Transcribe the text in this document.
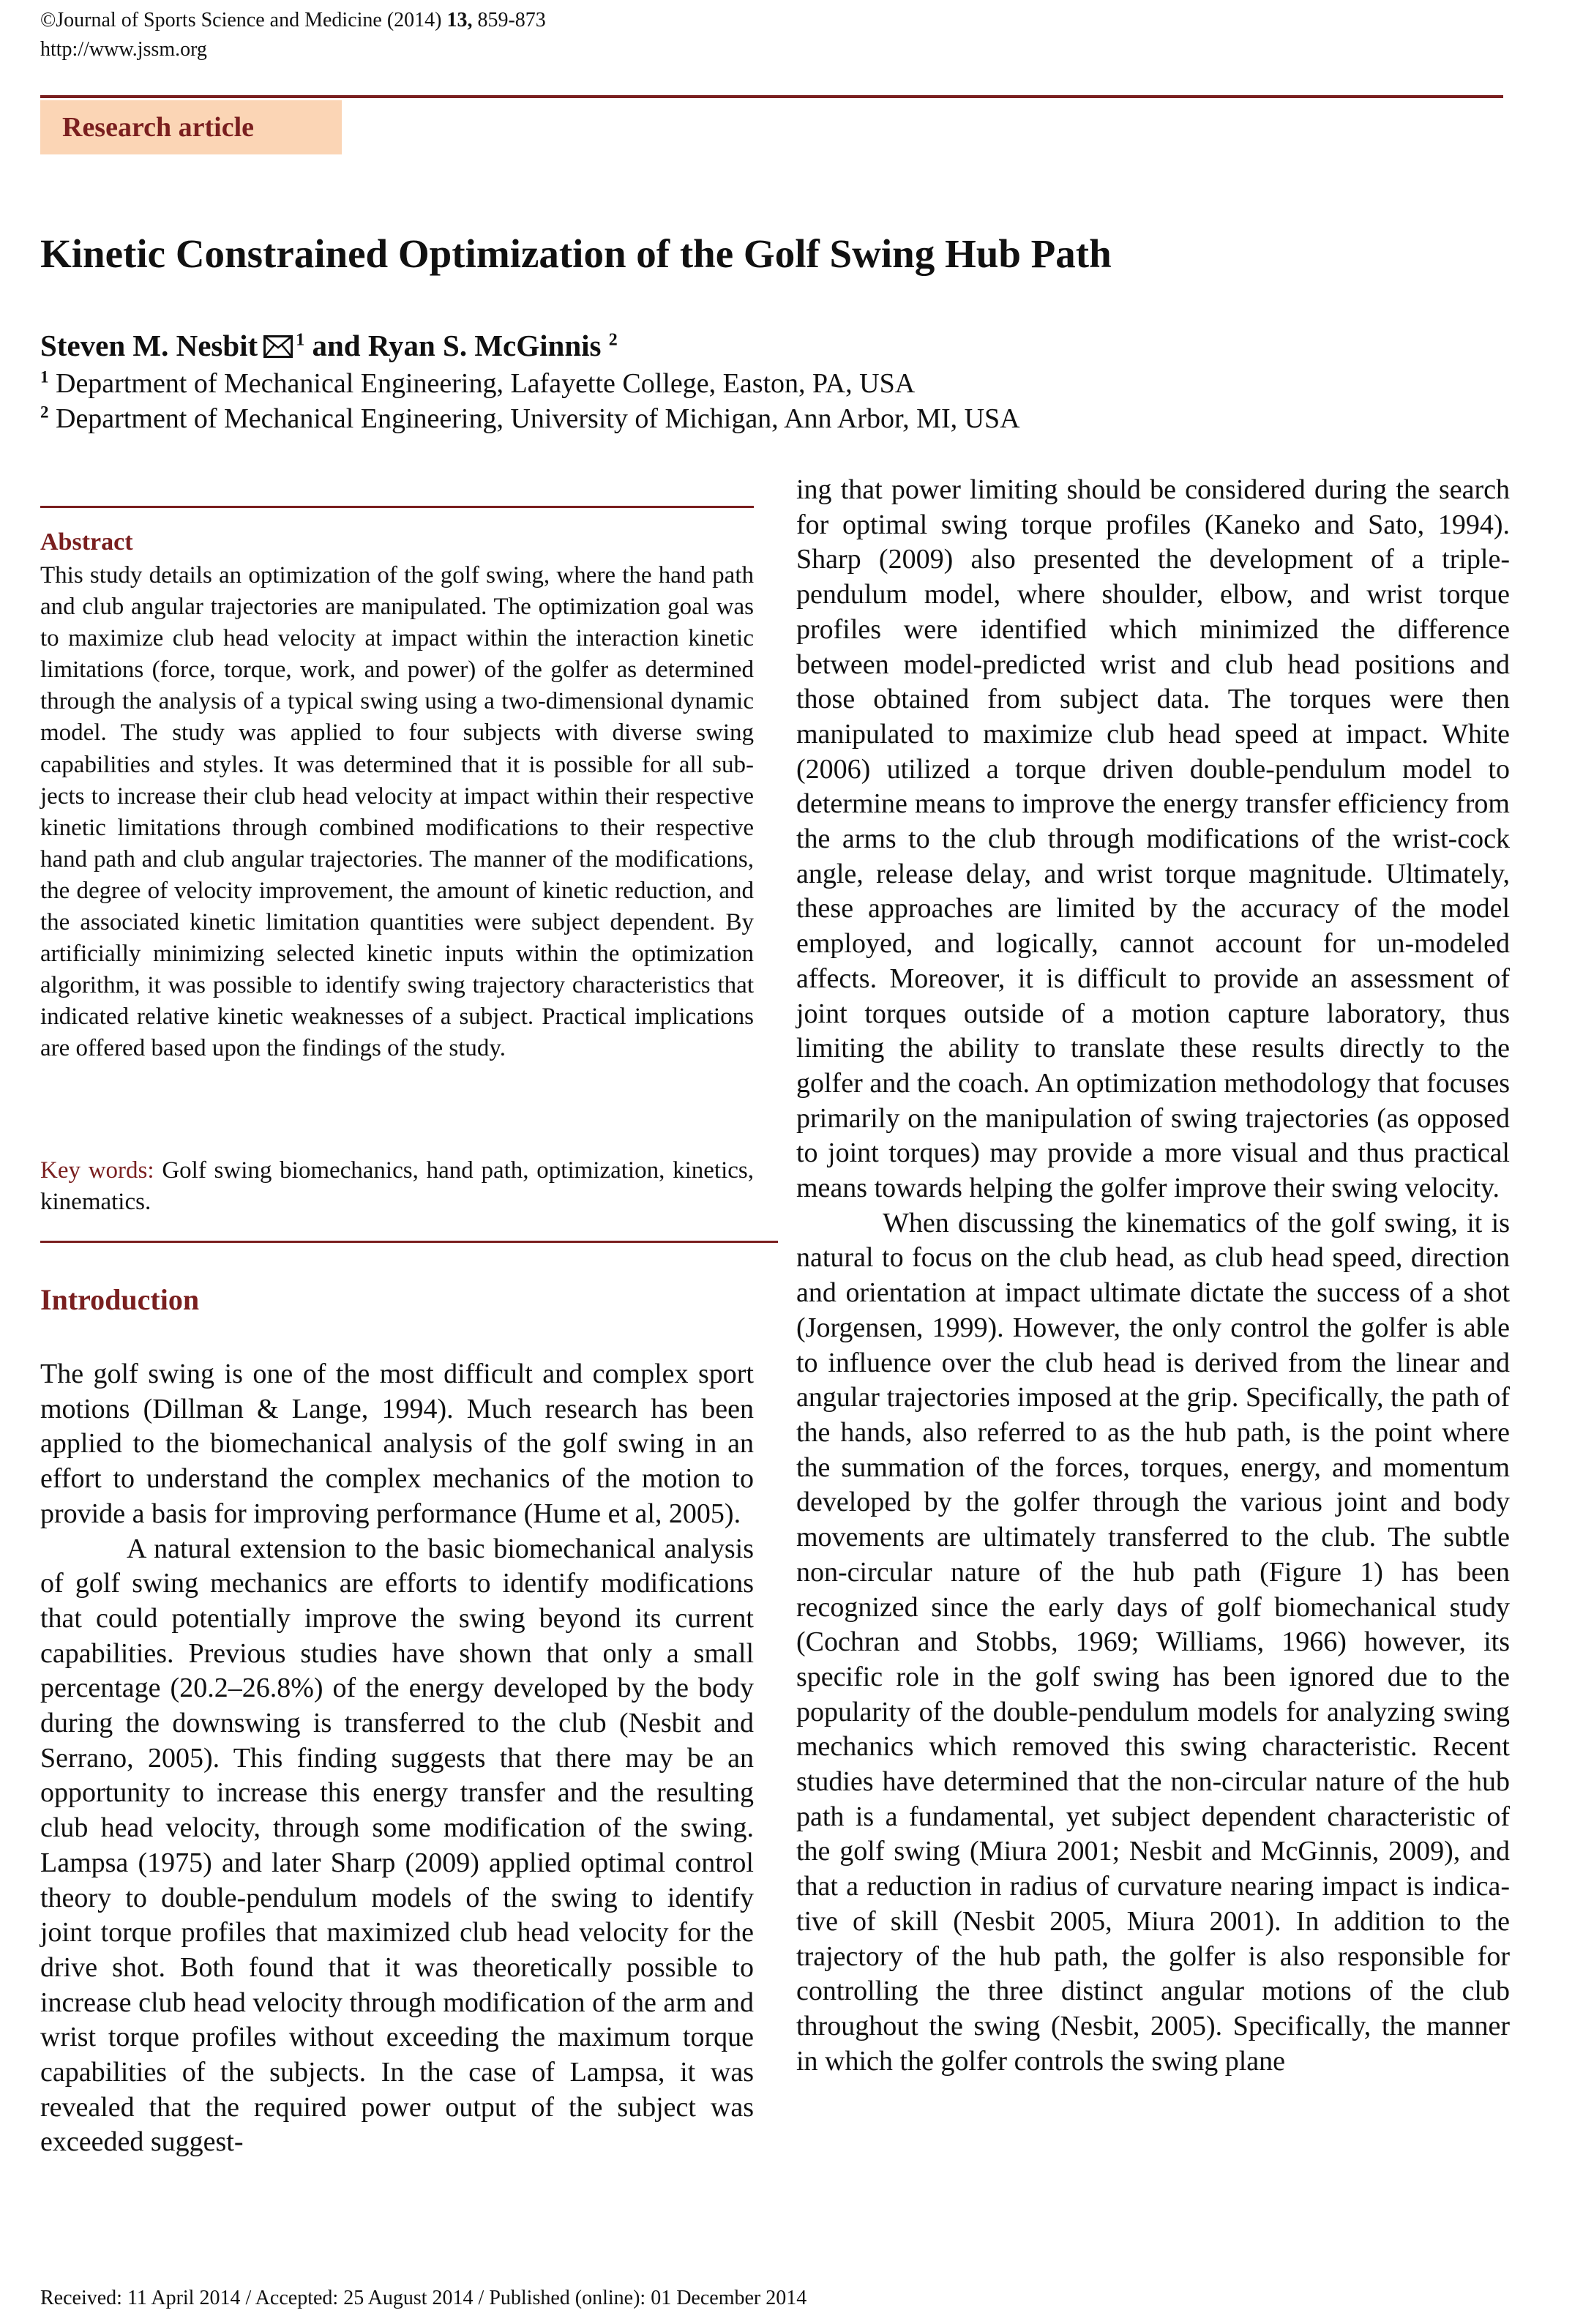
©Journal of Sports Science and Medicine (2014) 13, 859-873
http://www.jssm.org
Research article
Kinetic Constrained Optimization of the Golf Swing Hub Path
Steven M. Nesbit $^1$ and Ryan S. McGinnis $^2$
$^1$ Department of Mechanical Engineering, Lafayette College, Easton, PA, USA
$^2$ Department of Mechanical Engineering, University of Michigan, Ann Arbor, MI, USA
Abstract
This study details an optimization of the golf swing, where the hand path and club angular trajectories are manipulated. The optimization goal was to maximize club head velocity at impact within the interaction kinetic limitations (force, torque, work, and power) of the golfer as determined through the analysis of a typical swing using a two-dimensional dynamic model. The study was applied to four subjects with diverse swing capabilities and styles. It was determined that it is possible for all subjects to increase their club head velocity at impact within their respective kinetic limitations through combined modifications to their respective hand path and club angular trajectories. The manner of the modifications, the degree of velocity improvement, the amount of kinetic reduction, and the associated kinetic limitation quantities were subject dependent. By artificially minimizing selected kinetic inputs within the optimization algorithm, it was possible to identify swing trajectory characteristics that indicated relative kinetic weaknesses of a subject. Practical implications are offered based upon the findings of the study.
Key words: Golf swing biomechanics, hand path, optimization, kinetics, kinematics.
Introduction

The golf swing is one of the most difficult and complex sport motions (Dillman & Lange, 1994). Much research has been applied to the biomechanical analysis of the golf swing in an effort to understand the complex mechanics of the motion to provide a basis for improving performance (Hume et al, 2005).

A natural extension to the basic biomechanical analysis of golf swing mechanics are efforts to identify modifications that could potentially improve the swing beyond its current capabilities. Previous studies have shown that only a small percentage (20.2–26.8%) of the energy developed by the body during the downswing is transferred to the club (Nesbit and Serrano, 2005). This finding suggests that there may be an opportunity to increase this energy transfer and the resulting club head velocity, through some modification of the swing. Lampsa (1975) and later Sharp (2009) applied optimal control theory to double-pendulum models of the swing to identify joint torque profiles that maximized club head velocity for the drive shot. Both found that it was theoretically possible to increase club head velocity through modification of the arm and wrist torque profiles without exceeding the maximum torque capabilities of the subjects. In the case of Lampsa, it was revealed that the required power output of the subject was exceeded suggest-

ing that power limiting should be considered during the search for optimal swing torque profiles (Kaneko and Sato, 1994). Sharp (2009) also presented the development of a triple-pendulum model, where shoulder, elbow, and wrist torque profiles were identified which minimized the difference between model-predicted wrist and club head positions and those obtained from subject data. The torques were then manipulated to maximize club head speed at impact. White (2006) utilized a torque driven double-pendulum model to determine means to improve the energy transfer efficiency from the arms to the club through modifications of the wrist-cock angle, release delay, and wrist torque magnitude. Ultimately, these approaches are limited by the accuracy of the model employed, and logically, cannot account for un-modeled affects. Moreover, it is difficult to provide an assessment of joint torques outside of a motion capture laboratory, thus limiting the ability to translate these results directly to the golfer and the coach. An optimization methodology that focuses primarily on the manipulation of swing trajectories (as opposed to joint torques) may provide a more visual and thus practical means towards helping the golfer improve their swing velocity.

When discussing the kinematics of the golf swing, it is natural to focus on the club head, as club head speed, direction and orientation at impact ultimate dictate the success of a shot (Jorgensen, 1999). However, the only control the golfer is able to influence over the club head is derived from the linear and angular trajectories imposed at the grip. Specifically, the path of the hands, also referred to as the hub path, is the point where the summation of the forces, torques, energy, and momentum developed by the golfer through the various joint and body movements are ultimately transferred to the club. The subtle non-circular nature of the hub path (Figure 1) has been recognized since the early days of golf biomechanical study (Cochran and Stobbs, 1969; Williams, 1966) however, its specific role in the golf swing has been ignored due to the popularity of the double-pendulum models for analyzing swing mechanics which removed this swing characteristic. Recent studies have determined that the non-circular nature of the hub path is a fundamental, yet subject dependent characteristic of the golf swing (Miura 2001; Nesbit and McGinnis, 2009), and that a reduction in radius of curvature nearing impact is indicative of skill (Nesbit 2005, Miura 2001). In addition to the trajectory of the hub path, the golfer is also responsible for controlling the three distinct angular motions of the club throughout the swing (Nesbit, 2005). Specifically, the manner in which the golfer controls the swing plane

Received: 11 April 2014 / Accepted: 25 August 2014 / Published (online): 01 December 2014
